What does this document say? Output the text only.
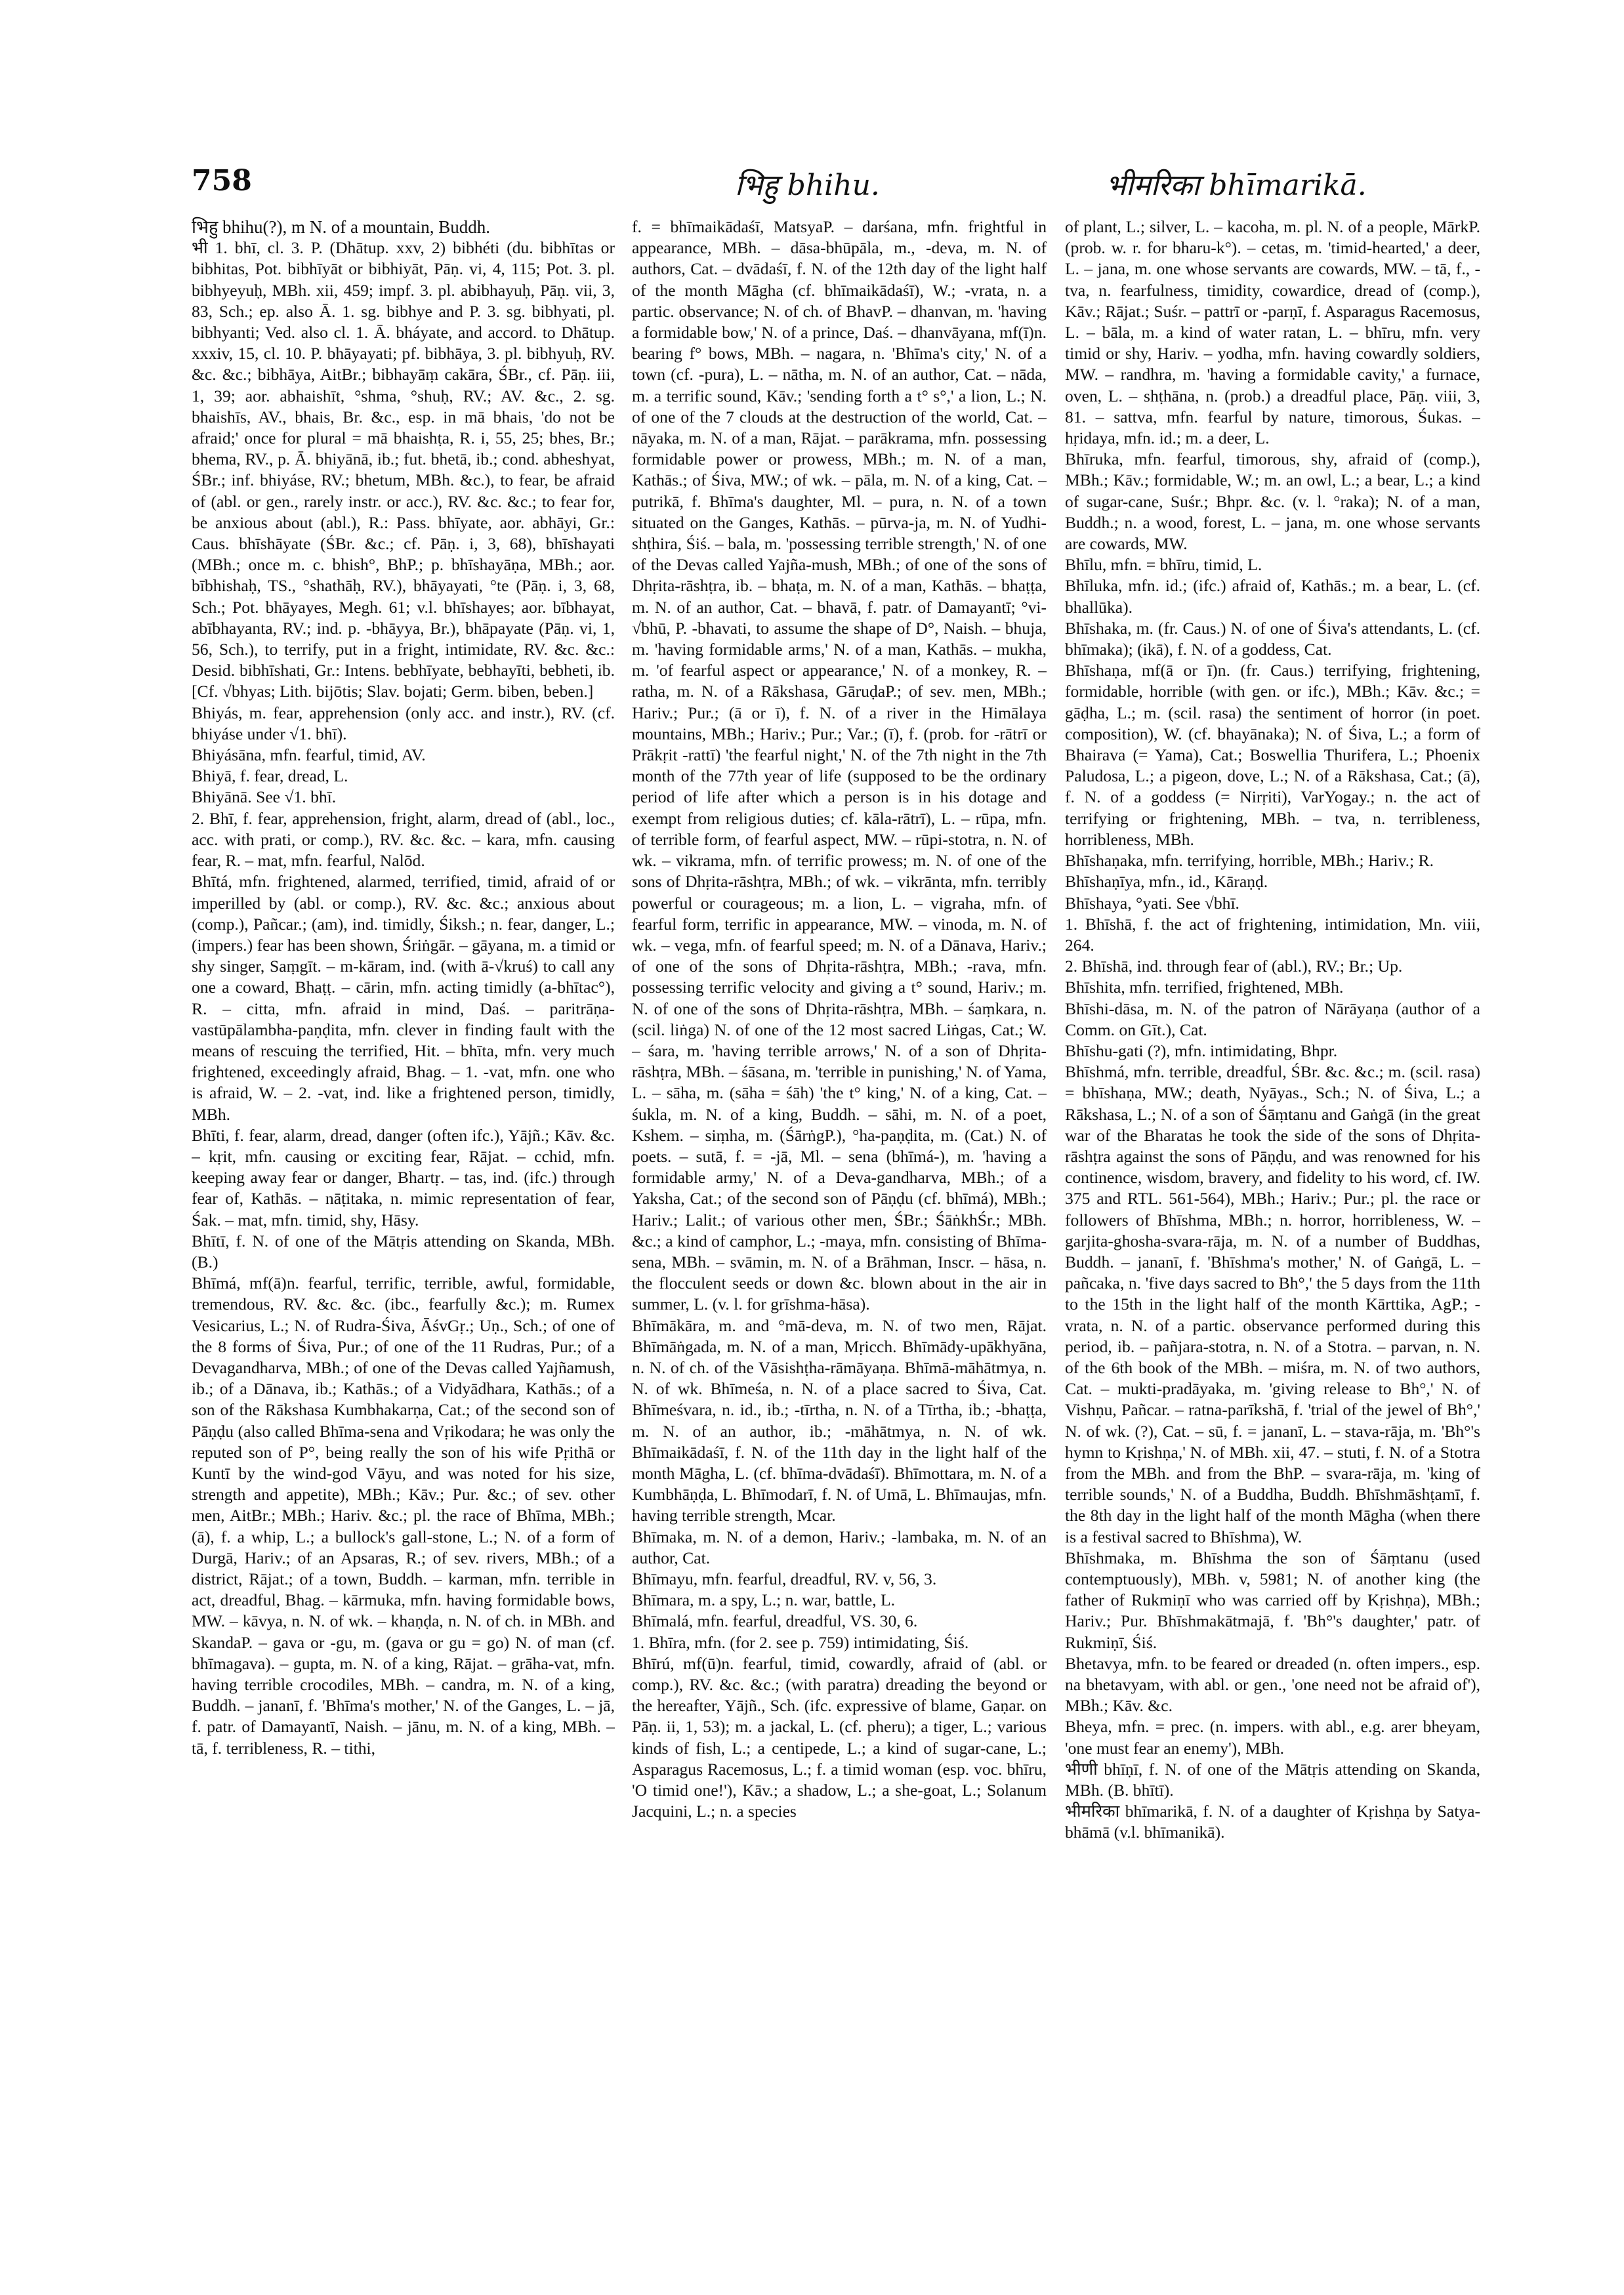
758	भिहु bhihu.	भीमरिका bhīmarikā.

भिहु bhihu(?), m N. of a mountain, Buddh.

भी 1. bhī, cl. 3. P. (Dhātup. xxv, 2) bibhéti (du. bibhītas or bibhitas, Pot. bibhīyāt or bibhiyāt, Pāṇ. vi, 4, 115; Pot. 3. pl. bibhyeyuḥ, MBh. xii, 459; impf. 3. pl. abibhayuḥ, Pāṇ. vii, 3, 83, Sch.; ep. also Ā. 1. sg. bibhye and P. 3. sg. bibhyati, pl. bibhyanti; Ved. also cl. 1. Ā. bháyate, and accord. to Dhātup. xxxiv, 15, cl. 10. P. bhāyayati; pf. bibhāya, 3. pl. bibhyuḥ, RV. &c. &c.; bibhāya, AitBr.; bibhayāṃ cakāra, ŚBr., cf. Pāṇ. iii, 1, 39; aor. abhaishīt, °shma, °shuḥ, RV.; AV. &c., 2. sg. bhaishīs, AV., bhais, Br. &c., esp. in mā bhais, 'do not be afraid;' once for plural = mā bhaishṭa, R. i, 55, 25; bhes, Br.; bhema, RV., p. Ā. bhiyānā, ib.; fut. bhetā, ib.; cond. abheshyat, ŚBr.; inf. bhiyáse, RV.; bhetum, MBh. &c.), to fear, be afraid of (abl. or gen., rarely instr. or acc.), RV. &c. &c.; to fear for, be anxious about (abl.), R.: Pass. bhīyate, aor. abhāyi, Gr.: Caus. bhīshāyate (ŚBr. &c.; cf. Pāṇ. i, 3, 68), bhīshayati (MBh.; once m. c. bhish°, BhP.; p. bhīshayāṇa, MBh.; aor. bībhishaḥ, TS., °shathāḥ, RV.), bhāyayati, °te (Pāṇ. i, 3, 68, Sch.; Pot. bhāyayes, Megh. 61; v.l. bhīshayes; aor. bībhayat, abībhayanta, RV.; ind. p. -bhāyya, Br.), bhāpayate (Pāṇ. vi, 1, 56, Sch.), to terrify, put in a fright, intimidate, RV. &c. &c.: Desid. bibhīshati, Gr.: Intens. bebhīyate, bebhayīti, bebheti, ib. [Cf. √bhyas; Lith. bijōtis; Slav. bojati; Germ. biben, beben.]

Bhiyás, m. fear, apprehension (only acc. and instr.), RV. (cf. bhiyáse under √1. bhī).

Bhiyásāna, mfn. fearful, timid, AV.

Bhiyā, f. fear, dread, L.

Bhiyānā. See √1. bhī.

2. Bhī, f. fear, apprehension, fright, alarm, dread of (abl., loc., acc. with prati, or comp.), RV. &c. &c. – kara, mfn. causing fear, R. – mat, mfn. fearful, Nalōd.

Bhītá, mfn. frightened, alarmed, terrified, timid, afraid of or imperilled by (abl. or comp.), RV. &c. &c.; anxious about (comp.), Pañcar.; (am), ind. timidly, Śiksh.; n. fear, danger, L.; (impers.) fear has been shown, Śriṅgār. – gāyana, m. a timid or shy singer, Saṃgīt. – m-kāram, ind. (with ā-√kruś) to call any one a coward, Bhaṭṭ. – cārin, mfn. acting timidly (a-bhītac°), R. – citta, mfn. afraid in mind, Daś. – paritrāṇa-vastūpālambha-paṇḍita, mfn. clever in finding fault with the means of rescuing the terrified, Hit. – bhīta, mfn. very much frightened, exceedingly afraid, Bhag. – 1. -vat, mfn. one who is afraid, W. – 2. -vat, ind. like a frightened person, timidly, MBh.

Bhīti, f. fear, alarm, dread, danger (often ifc.), Yājñ.; Kāv. &c. – kṛit, mfn. causing or exciting fear, Rājat. – cchid, mfn. keeping away fear or danger, Bhartṛ. – tas, ind. (ifc.) through fear of, Kathās. – nāṭitaka, n. mimic representation of fear, Śak. – mat, mfn. timid, shy, Hāsy.

Bhītī, f. N. of one of the Mātṛis attending on Skanda, MBh. (B.)

Bhīmá, mf(ā)n. fearful, terrific, terrible, awful, formidable, tremendous, RV. &c. &c. (ibc., fearfully &c.); m. Rumex Vesicarius, L.; N. of Rudra-Śiva, ĀśvGṛ.; Uṇ., Sch.; of one of the 8 forms of Śiva, Pur.; of one of the 11 Rudras, Pur.; of a Devagandharva, MBh.; of one of the Devas called Yajñamush, ib.; of a Dānava, ib.; Kathās.; of a Vidyādhara, Kathās.; of a son of the Rākshasa Kumbhakarṇa, Cat.; of the second son of Pāṇḍu (also called Bhīma-sena and Vṛikodara; he was only the reputed son of P°, being really the son of his wife Pṛithā or Kuntī by the wind-god Vāyu, and was noted for his size, strength and appetite), MBh.; Kāv.; Pur. &c.; of sev. other men, AitBr.; MBh.; Hariv. &c.; pl. the race of Bhīma, MBh.; (ā), f. a whip, L.; a bullock's gall-stone, L.; N. of a form of Durgā, Hariv.; of an Apsaras, R.; of sev. rivers, MBh.; of a district, Rājat.; of a town, Buddh. – karman, mfn. terrible in act, dreadful, Bhag. – kārmuka, mfn. having formidable bows, MW. – kāvya, n. N. of wk. – khaṇḍa, n. N. of ch. in MBh. and SkandaP. – gava or -gu, m. (gava or gu = go) N. of man (cf. bhīmagava). – gupta, m. N. of a king, Rājat. – grāha-vat, mfn. having terrible crocodiles, MBh. – candra, m. N. of a king, Buddh. – jananī, f. 'Bhīma's mother,' N. of the Ganges, L. – jā, f. patr. of Damayantī, Naish. – jānu, m. N. of a king, MBh. – tā, f. terribleness, R. – tithi,

f. = bhīmaikādaśī, MatsyaP. – darśana, mfn. frightful in appearance, MBh. – dāsa-bhūpāla, m., -deva, m. N. of authors, Cat. – dvādaśī, f. N. of the 12th day of the light half of the month Māgha (cf. bhīmaikādaśī), W.; -vrata, n. a partic. observance; N. of ch. of BhavP. – dhanvan, m. 'having a formidable bow,' N. of a prince, Daś. – dhanvāyana, mf(ī)n. bearing f° bows, MBh. – nagara, n. 'Bhīma's city,' N. of a town (cf. -pura), L. – nātha, m. N. of an author, Cat. – nāda, m. a terrific sound, Kāv.; 'sending forth a t° s°,' a lion, L.; N. of one of the 7 clouds at the destruction of the world, Cat. – nāyaka, m. N. of a man, Rājat. – parākrama, mfn. possessing formidable power or prowess, MBh.; m. N. of a man, Kathās.; of Śiva, MW.; of wk. – pāla, m. N. of a king, Cat. – putrikā, f. Bhīma's daughter, Ml. – pura, n. N. of a town situated on the Ganges, Kathās. – pūrva-ja, m. N. of Yudhi-shṭhira, Śiś. – bala, m. 'possessing terrible strength,' N. of one of the Devas called Yajña-mush, MBh.; of one of the sons of Dhṛita-rāshṭra, ib. – bhaṭa, m. N. of a man, Kathās. – bhaṭṭa, m. N. of an author, Cat. – bhavā, f. patr. of Damayantī; °vi-√bhū, P. -bhavati, to assume the shape of D°, Naish. – bhuja, m. 'having formidable arms,' N. of a man, Kathās. – mukha, m. 'of fearful aspect or appearance,' N. of a monkey, R. – ratha, m. N. of a Rākshasa, GāruḍaP.; of sev. men, MBh.; Hariv.; Pur.; (ā or ī), f. N. of a river in the Himālaya mountains, MBh.; Hariv.; Pur.; Var.; (ī), f. (prob. for -rātrī or Prākṛit -rattī) 'the fearful night,' N. of the 7th night in the 7th month of the 77th year of life (supposed to be the ordinary period of life after which a person is in his dotage and exempt from religious duties; cf. kāla-rātrī), L. – rūpa, mfn. of terrible form, of fearful aspect, MW. – rūpi-stotra, n. N. of wk. – vikrama, mfn. of terrific prowess; m. N. of one of the sons of Dhṛita-rāshṭra, MBh.; of wk. – vikrānta, mfn. terribly powerful or courageous; m. a lion, L. – vigraha, mfn. of fearful form, terrific in appearance, MW. – vinoda, m. N. of wk. – vega, mfn. of fearful speed; m. N. of a Dānava, Hariv.; of one of the sons of Dhṛita-rāshṭra, MBh.; -rava, mfn. possessing terrific velocity and giving a t° sound, Hariv.; m. N. of one of the sons of Dhṛita-rāshṭra, MBh. – śaṃkara, n. (scil. liṅga) N. of one of the 12 most sacred Liṅgas, Cat.; W. – śara, m. 'having terrible arrows,' N. of a son of Dhṛita-rāshṭra, MBh. – śāsana, m. 'terrible in punishing,' N. of Yama, L. – sāha, m. (sāha = śāh) 'the t° king,' N. of a king, Cat. – śukla, m. N. of a king, Buddh. – sāhi, m. N. of a poet, Kshem. – siṃha, m. (ŚārṅgP.), °ha-paṇḍita, m. (Cat.) N. of poets. – sutā, f. = -jā, Ml. – sena (bhīmá-), m. 'having a formidable army,' N. of a Deva-gandharva, MBh.; of a Yaksha, Cat.; of the second son of Pāṇḍu (cf. bhīmá), MBh.; Hariv.; Lalit.; of various other men, ŚBr.; ŚāṅkhŚr.; MBh. &c.; a kind of camphor, L.; -maya, mfn. consisting of Bhīma-sena, MBh. – svāmin, m. N. of a Brāhman, Inscr. – hāsa, n. the flocculent seeds or down &c. blown about in the air in summer, L. (v. l. for grīshma-hāsa).

Bhīmākāra, m. and °mā-deva, m. N. of two men, Rājat. Bhīmāṅgada, m. N. of a man, Mṛicch. Bhīmādy-upākhyāna, n. N. of ch. of the Vāsishṭha-rāmāyaṇa. Bhīmā-māhātmya, n. N. of wk. Bhīmeśa, n. N. of a place sacred to Śiva, Cat. Bhīmeśvara, n. id., ib.; -tīrtha, n. N. of a Tīrtha, ib.; -bhaṭṭa, m. N. of an author, ib.; -māhātmya, n. N. of wk. Bhīmaikādaśī, f. N. of the 11th day in the light half of the month Māgha, L. (cf. bhīma-dvādaśī). Bhīmottara, m. N. of a Kumbhāṇḍa, L. Bhīmodarī, f. N. of Umā, L. Bhīmaujas, mfn. having terrible strength, Mcar.

Bhīmaka, m. N. of a demon, Hariv.; -lambaka, m. N. of an author, Cat.

Bhīmayu, mfn. fearful, dreadful, RV. v, 56, 3.

Bhīmara, m. a spy, L.; n. war, battle, L.

Bhīmalá, mfn. fearful, dreadful, VS. 30, 6.

1. Bhīra, mfn. (for 2. see p. 759) intimidating, Śiś.

Bhīrú, mf(ū)n. fearful, timid, cowardly, afraid of (abl. or comp.), RV. &c. &c.; (with paratra) dreading the beyond or the hereafter, Yājñ., Sch. (ifc. expressive of blame, Gaṇar. on Pāṇ. ii, 1, 53); m. a jackal, L. (cf. pheru); a tiger, L.; various kinds of fish, L.; a centipede, L.; a kind of sugar-cane, L.; Asparagus Racemosus, L.; f. a timid woman (esp. voc. bhīru, 'O timid one!'), Kāv.; a shadow, L.; a she-goat, L.; Solanum Jacquini, L.; n. a species

of plant, L.; silver, L. – kacoha, m. pl. N. of a people, MārkP. (prob. w. r. for bharu-k°). – cetas, m. 'timid-hearted,' a deer, L. – jana, m. one whose servants are cowards, MW. – tā, f., -tva, n. fearfulness, timidity, cowardice, dread of (comp.), Kāv.; Rājat.; Suśr. – pattrī or -parṇī, f. Asparagus Racemosus, L. – bāla, m. a kind of water ratan, L. – bhīru, mfn. very timid or shy, Hariv. – yodha, mfn. having cowardly soldiers, MW. – randhra, m. 'having a formidable cavity,' a furnace, oven, L. – shṭhāna, n. (prob.) a dreadful place, Pāṇ. viii, 3, 81. – sattva, mfn. fearful by nature, timorous, Śukas. – hṛidaya, mfn. id.; m. a deer, L.

Bhīruka, mfn. fearful, timorous, shy, afraid of (comp.), MBh.; Kāv.; formidable, W.; m. an owl, L.; a bear, L.; a kind of sugar-cane, Suśr.; Bhpr. &c. (v. l. °raka); N. of a man, Buddh.; n. a wood, forest, L. – jana, m. one whose servants are cowards, MW.

Bhīlu, mfn. = bhīru, timid, L.

Bhīluka, mfn. id.; (ifc.) afraid of, Kathās.; m. a bear, L. (cf. bhallūka).

Bhīshaka, m. (fr. Caus.) N. of one of Śiva's attendants, L. (cf. bhīmaka); (ikā), f. N. of a goddess, Cat.

Bhīshaṇa, mf(ā or ī)n. (fr. Caus.) terrifying, frightening, formidable, horrible (with gen. or ifc.), MBh.; Kāv. &c.; = gāḍha, L.; m. (scil. rasa) the sentiment of horror (in poet. composition), W. (cf. bhayānaka); N. of Śiva, L.; a form of Bhairava (= Yama), Cat.; Boswellia Thurifera, L.; Phoenix Paludosa, L.; a pigeon, dove, L.; N. of a Rākshasa, Cat.; (ā), f. N. of a goddess (= Nirṛiti), VarYogay.; n. the act of terrifying or frightening, MBh. – tva, n. terribleness, horribleness, MBh.

Bhīshaṇaka, mfn. terrifying, horrible, MBh.; Hariv.; R.

Bhīshaṇīya, mfn., id., Kāraṇḍ.

Bhīshaya, °yati. See √bhī.

1. Bhīshā, f. the act of frightening, intimidation, Mn. viii, 264.

2. Bhīshā, ind. through fear of (abl.), RV.; Br.; Up.

Bhīshita, mfn. terrified, frightened, MBh.

Bhīshi-dāsa, m. N. of the patron of Nārāyaṇa (author of a Comm. on Gīt.), Cat.

Bhīshu-gati (?), mfn. intimidating, Bhpr.

Bhīshmá, mfn. terrible, dreadful, ŚBr. &c. &c.; m. (scil. rasa) = bhīshaṇa, MW.; death, Nyāyas., Sch.; N. of Śiva, L.; a Rākshasa, L.; N. of a son of Śāṃtanu and Gaṅgā (in the great war of the Bharatas he took the side of the sons of Dhṛita-rāshṭra against the sons of Pāṇḍu, and was renowned for his continence, wisdom, bravery, and fidelity to his word, cf. IW. 375 and RTL. 561-564), MBh.; Hariv.; Pur.; pl. the race or followers of Bhīshma, MBh.; n. horror, horribleness, W. – garjita-ghosha-svara-rāja, m. N. of a number of Buddhas, Buddh. – jananī, f. 'Bhīshma's mother,' N. of Gaṅgā, L. – pañcaka, n. 'five days sacred to Bh°,' the 5 days from the 11th to the 15th in the light half of the month Kārttika, AgP.; -vrata, n. N. of a partic. observance performed during this period, ib. – pañjara-stotra, n. N. of a Stotra. – parvan, n. N. of the 6th book of the MBh. – miśra, m. N. of two authors, Cat. – mukti-pradāyaka, m. 'giving release to Bh°,' N. of Vishṇu, Pañcar. – ratna-parīkshā, f. 'trial of the jewel of Bh°,' N. of wk. (?), Cat. – sū, f. = jananī, L. – stava-rāja, m. 'Bh°'s hymn to Kṛishṇa,' N. of MBh. xii, 47. – stuti, f. N. of a Stotra from the MBh. and from the BhP. – svara-rāja, m. 'king of terrible sounds,' N. of a Buddha, Buddh. Bhīshmāshṭamī, f. the 8th day in the light half of the month Māgha (when there is a festival sacred to Bhīshma), W.

Bhīshmaka, m. Bhīshma the son of Śāṃtanu (used contemptuously), MBh. v, 5981; N. of another king (the father of Rukmiṇī who was carried off by Kṛishṇa), MBh.; Hariv.; Pur. Bhīshmakātmajā, f. 'Bh°'s daughter,' patr. of Rukmiṇī, Śiś.

Bhetavya, mfn. to be feared or dreaded (n. often impers., esp. na bhetavyam, with abl. or gen., 'one need not be afraid of'), MBh.; Kāv. &c.

Bheya, mfn. = prec. (n. impers. with abl., e.g. arer bheyam, 'one must fear an enemy'), MBh.

भीणी bhīṇī, f. N. of one of the Mātṛis attending on Skanda, MBh. (B. bhītī).

भीमरिका bhīmarikā, f. N. of a daughter of Kṛishṇa by Satya-bhāmā (v.l. bhīmanikā).
